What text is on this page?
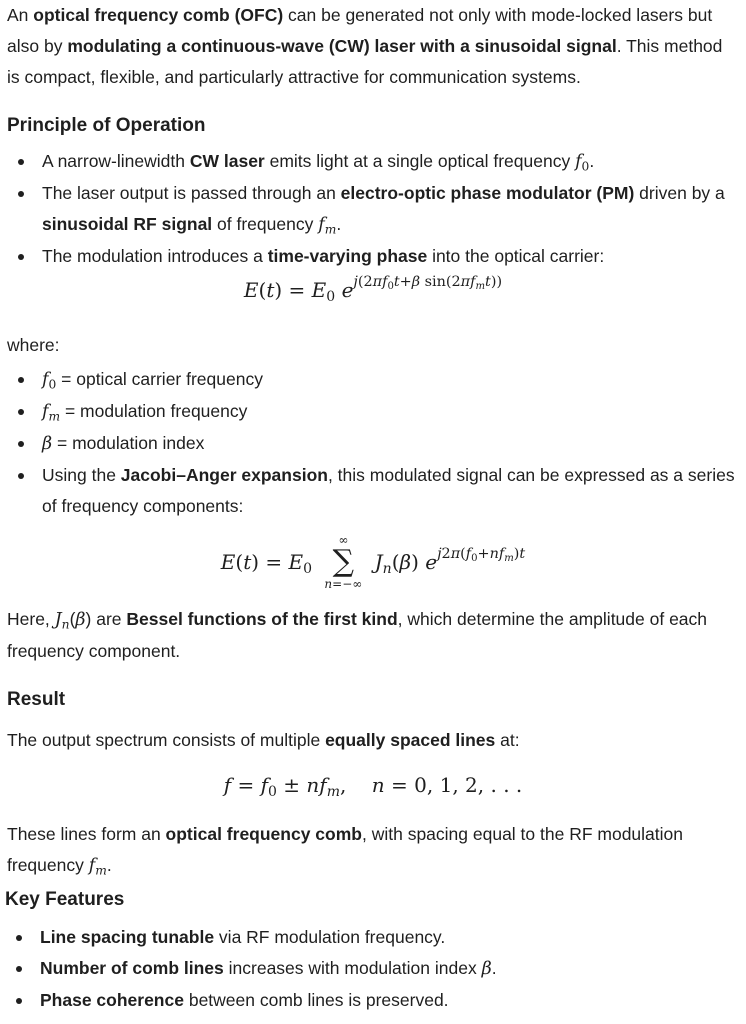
An optical frequency comb (OFC) can be generated not only with mode-locked lasers but also by modulating a continuous-wave (CW) laser with a sinusoidal signal. This method is compact, flexible, and particularly attractive for communication systems.

Principle of Operation
A narrow-linewidth CW laser emits light at a single optical frequency $f_0$.
The laser output is passed through an electro-optic phase modulator (PM) driven by a sinusoidal RF signal of frequency $f_m$.
The modulation introduces a time-varying phase into the optical carrier:
$E(t) = E_0$ $e^{j(2\pi f_0t+\beta sin(2\pi f_mt))}$

where:

$f_0$ = optical carrier frequency
$f_m$ = modulation frequency
β = modulation index
Using the Jacobi–Anger expansion, this modulated signal can be expressed as a series of frequency components:
$E(t) = E_0$
∞
∑
n=−∞
$J_n(\beta)$ $e^{j2\pi(f_0+nf_m)t}$

Here, $J_n(\beta)$ are Bessel functions of the first kind, which determine the amplitude of each frequency component.

Result

The output spectrum consists of multiple equally spaced lines at:

$f = f_0 \pm nf_m$,    n = 0, 1, 2, . . .

These lines form an optical frequency comb, with spacing equal to the RF modulation frequency $f_m$.

Key Features
Line spacing tunable via RF modulation frequency.
Number of comb lines increases with modulation index β.
Phase coherence between comb lines is preserved.
